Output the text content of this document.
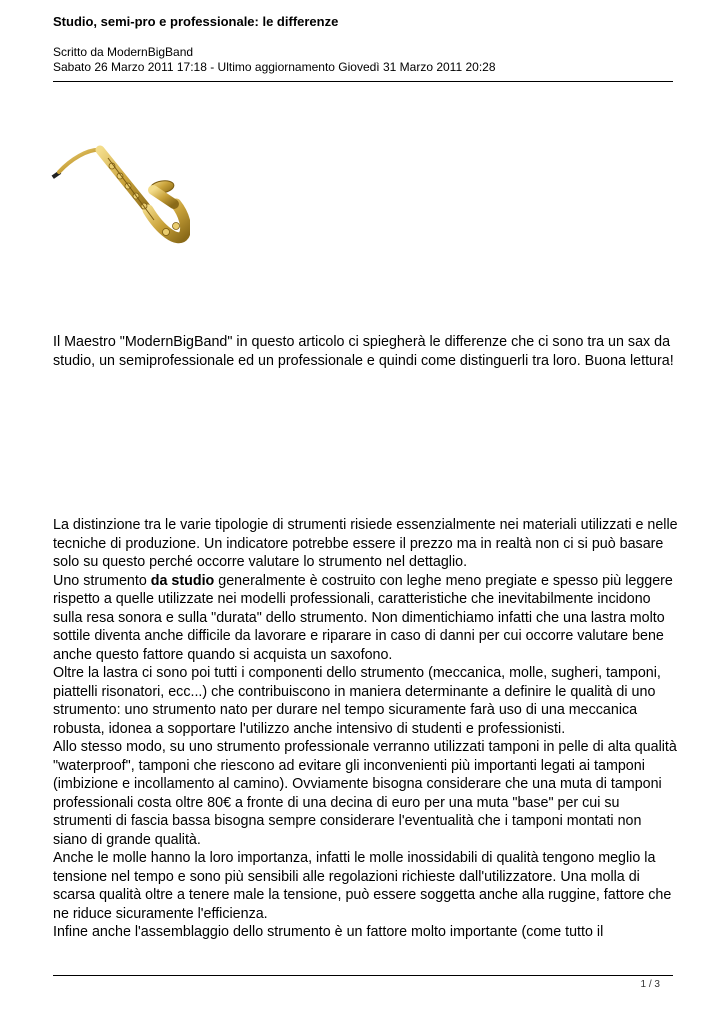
Studio, semi-pro e professionale: le differenze
Scritto da ModernBigBand
Sabato 26 Marzo 2011 17:18 - Ultimo aggiornamento Giovedì 31 Marzo 2011 20:28

Il Maestro "ModernBigBand" in questo articolo ci spiegherà le differenze che ci sono tra un sax da studio, un semiprofessionale ed un professionale e quindi come distinguerli tra loro. Buona lettura!

La distinzione tra le varie tipologie di strumenti risiede essenzialmente nei materiali utilizzati e nelle tecniche di produzione. Un indicatore potrebbe essere il prezzo ma in realtà non ci si può basare solo su questo perché occorre valutare lo strumento nel dettaglio.

Uno strumento da studio generalmente è costruito con leghe meno pregiate e spesso più leggere rispetto a quelle utilizzate nei modelli professionali, caratteristiche che inevitabilmente incidono sulla resa sonora e sulla "durata" dello strumento. Non dimentichiamo infatti che una lastra molto sottile diventa anche difficile da lavorare e riparare in caso di danni per cui occorre valutare bene anche questo fattore quando si acquista un saxofono.

Oltre la lastra ci sono poi tutti i componenti dello strumento (meccanica, molle, sugheri, tamponi, piattelli risonatori, ecc...) che contribuiscono in maniera determinante a definire le qualità di uno strumento: uno strumento nato per durare nel tempo sicuramente farà uso di una meccanica robusta, idonea a sopportare l'utilizzo anche intensivo di studenti e professionisti.

Allo stesso modo, su uno strumento professionale verranno utilizzati tamponi in pelle di alta qualità "waterproof", tamponi che riescono ad evitare gli inconvenienti più importanti legati ai tamponi (imbizione e incollamento al camino). Ovviamente bisogna considerare che una muta di tamponi professionali costa oltre 80€ a fronte di una decina di euro per una muta "base" per cui su strumenti di fascia bassa bisogna sempre considerare l'eventualità che i tamponi montati non siano di grande qualità.

Anche le molle hanno la loro importanza, infatti le molle inossidabili di qualità tengono meglio la tensione nel tempo e sono più sensibili alle regolazioni richieste dall'utilizzatore. Una molla di scarsa qualità oltre a tenere male la tensione, può essere soggetta anche alla ruggine, fattore che ne riduce sicuramente l'efficienza.

Infine anche l'assemblaggio dello strumento è un fattore molto importante (come tutto il

1 / 3
